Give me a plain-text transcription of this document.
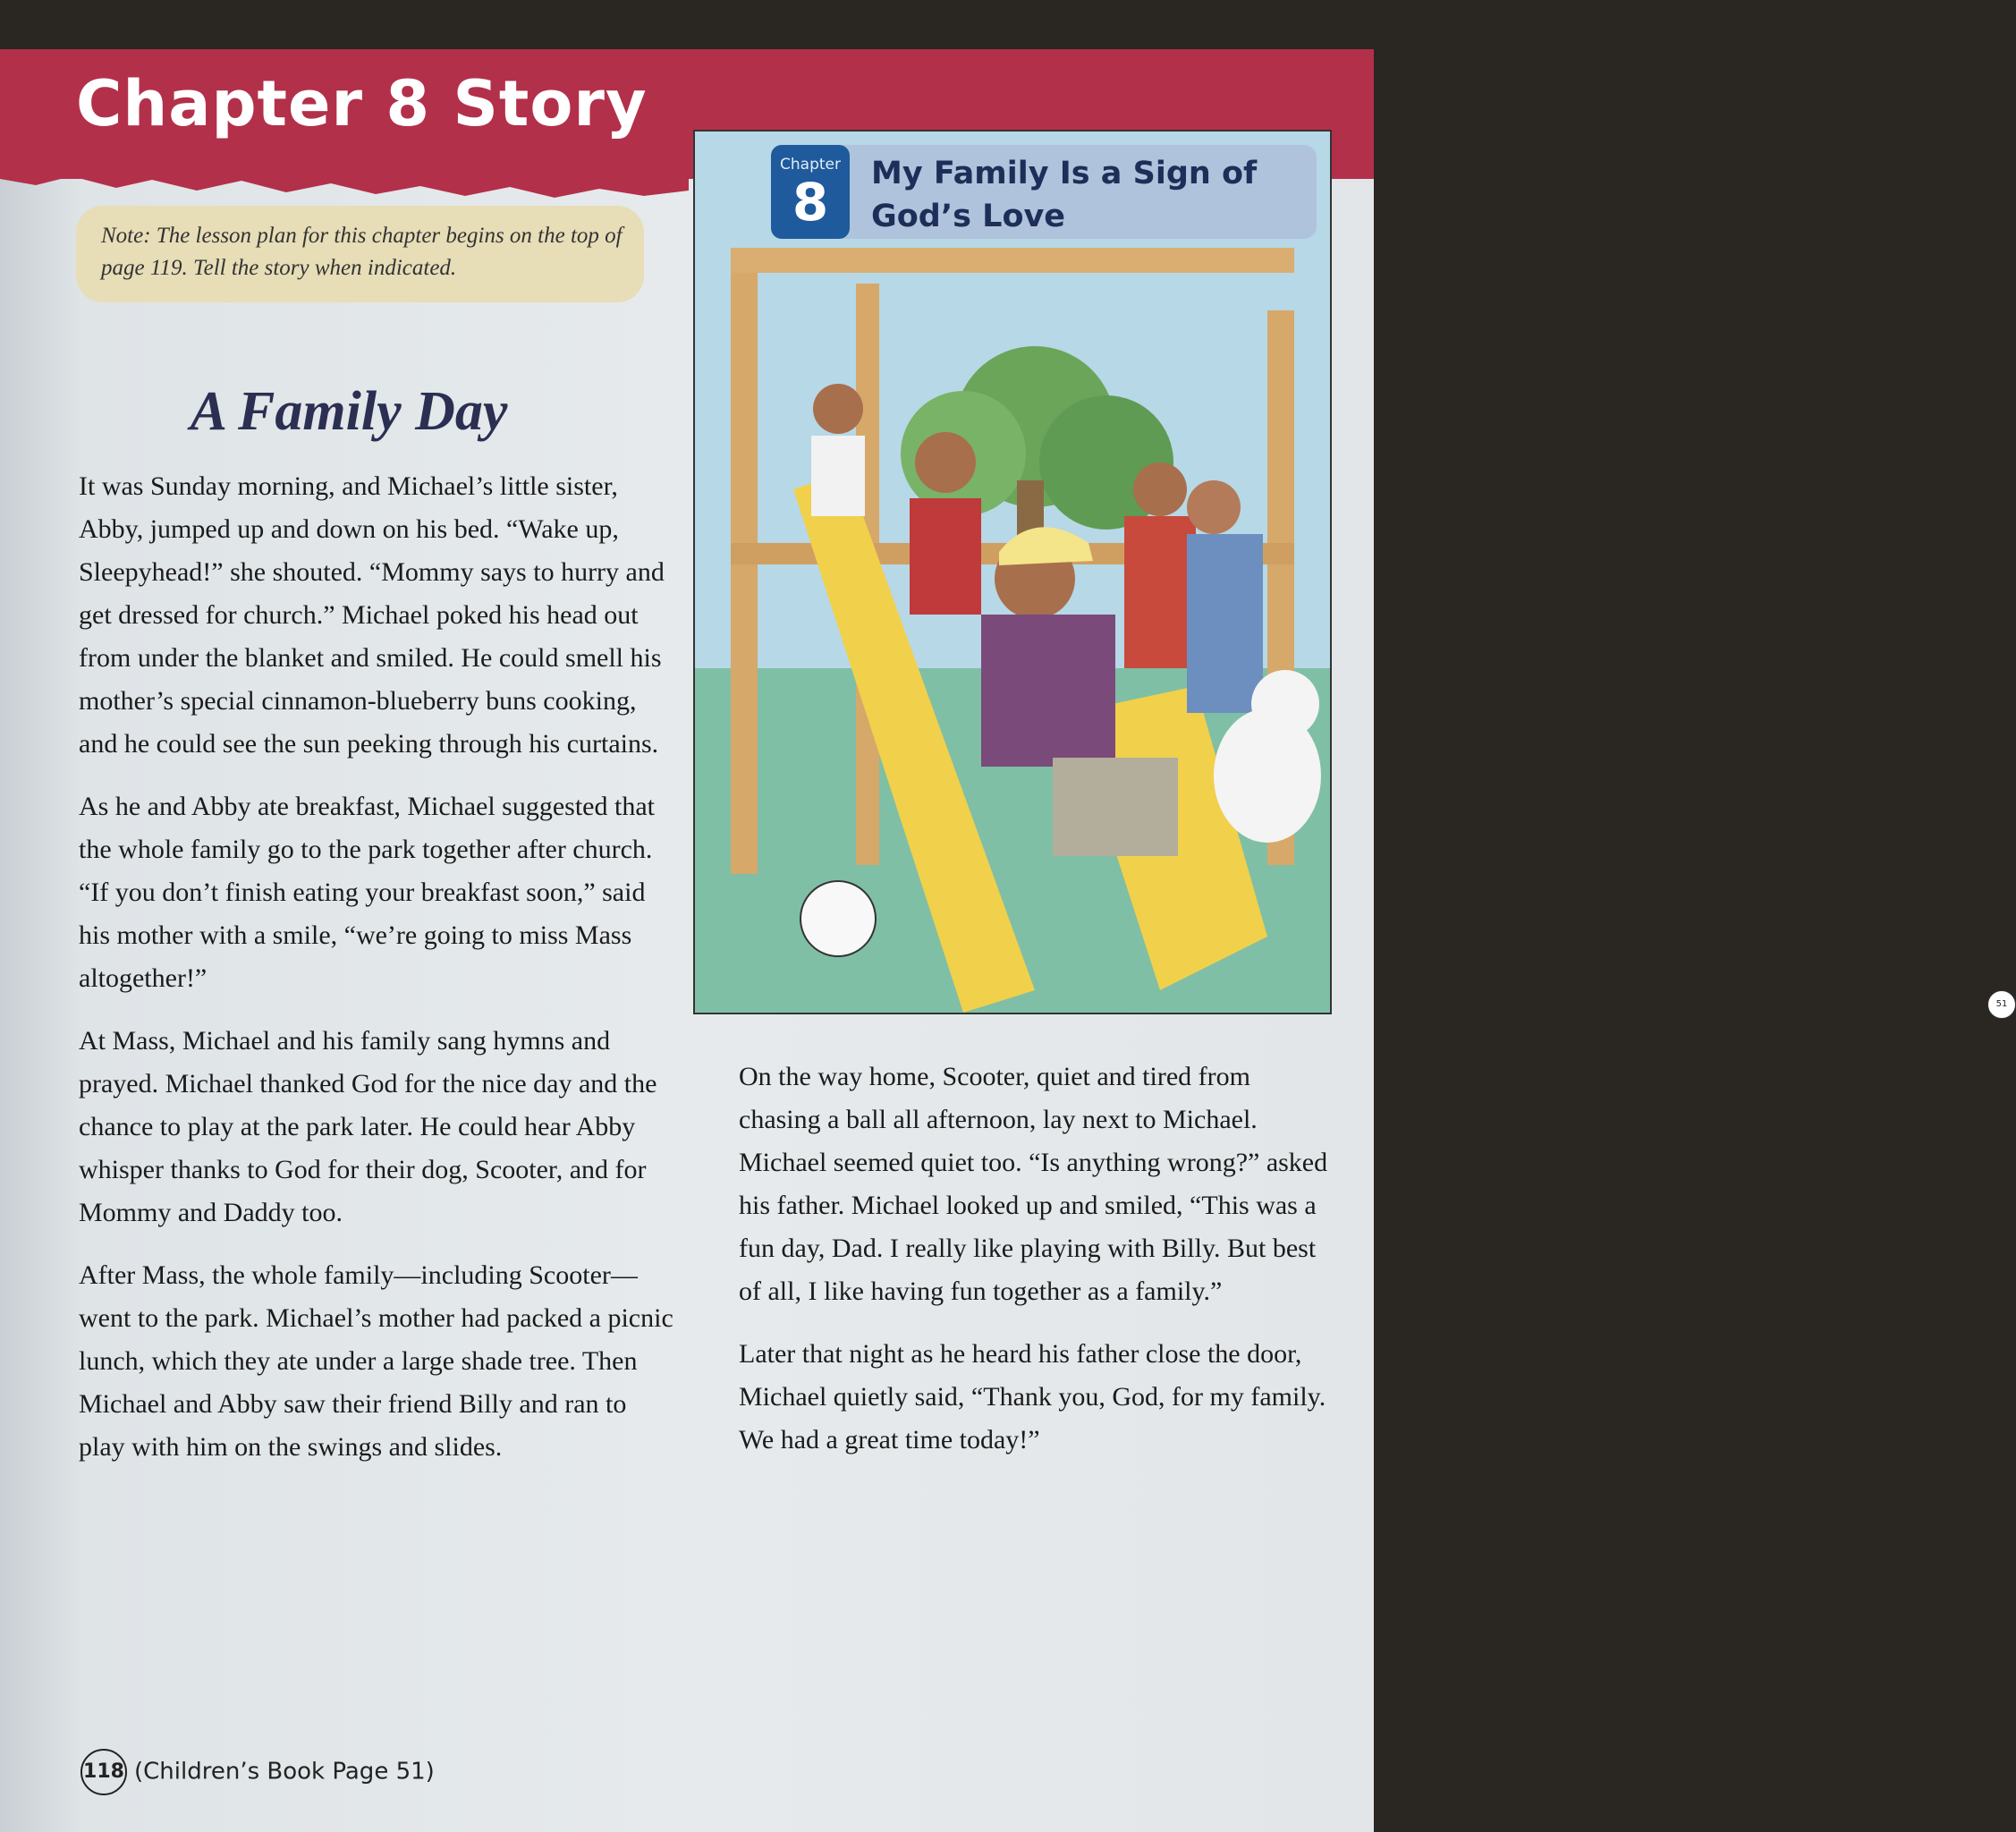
Chapter 8 Story
Note: The lesson plan for this chapter begins on the top of page 119. Tell the story when indicated.
A Family Day

It was Sunday morning, and Michael’s little sister, Abby, jumped up and down on his bed. “Wake up, Sleepyhead!” she shouted. “Mommy says to hurry and get dressed for church.” Michael poked his head out from under the blanket and smiled. He could smell his mother’s special cinnamon-blueberry buns cooking, and he could see the sun peeking through his curtains.

As he and Abby ate breakfast, Michael suggested that the whole family go to the park together after church. “If you don’t finish eating your breakfast soon,” said his mother with a smile, “we’re going to miss Mass altogether!”

At Mass, Michael and his family sang hymns and prayed. Michael thanked God for the nice day and the chance to play at the park later. He could hear Abby whisper thanks to God for their dog, Scooter, and for Mommy and Daddy too.

After Mass, the whole family—including Scooter—went to the park. Michael’s mother had packed a picnic lunch, which they ate under a large shade tree. Then Michael and Abby saw their friend Billy and ran to play with him on the swings and slides.

Chapter
8	My Family Is a Sign of God’s Love
51

On the way home, Scooter, quiet and tired from chasing a ball all afternoon, lay next to Michael. Michael seemed quiet too. “Is anything wrong?” asked his father. Michael looked up and smiled, “This was a fun day, Dad. I really like playing with Billy. But best of all, I like having fun together as a family.”

Later that night as he heard his father close the door, Michael quietly said, “Thank you, God, for my family. We had a great time today!”

118 (Children’s Book Page 51)
